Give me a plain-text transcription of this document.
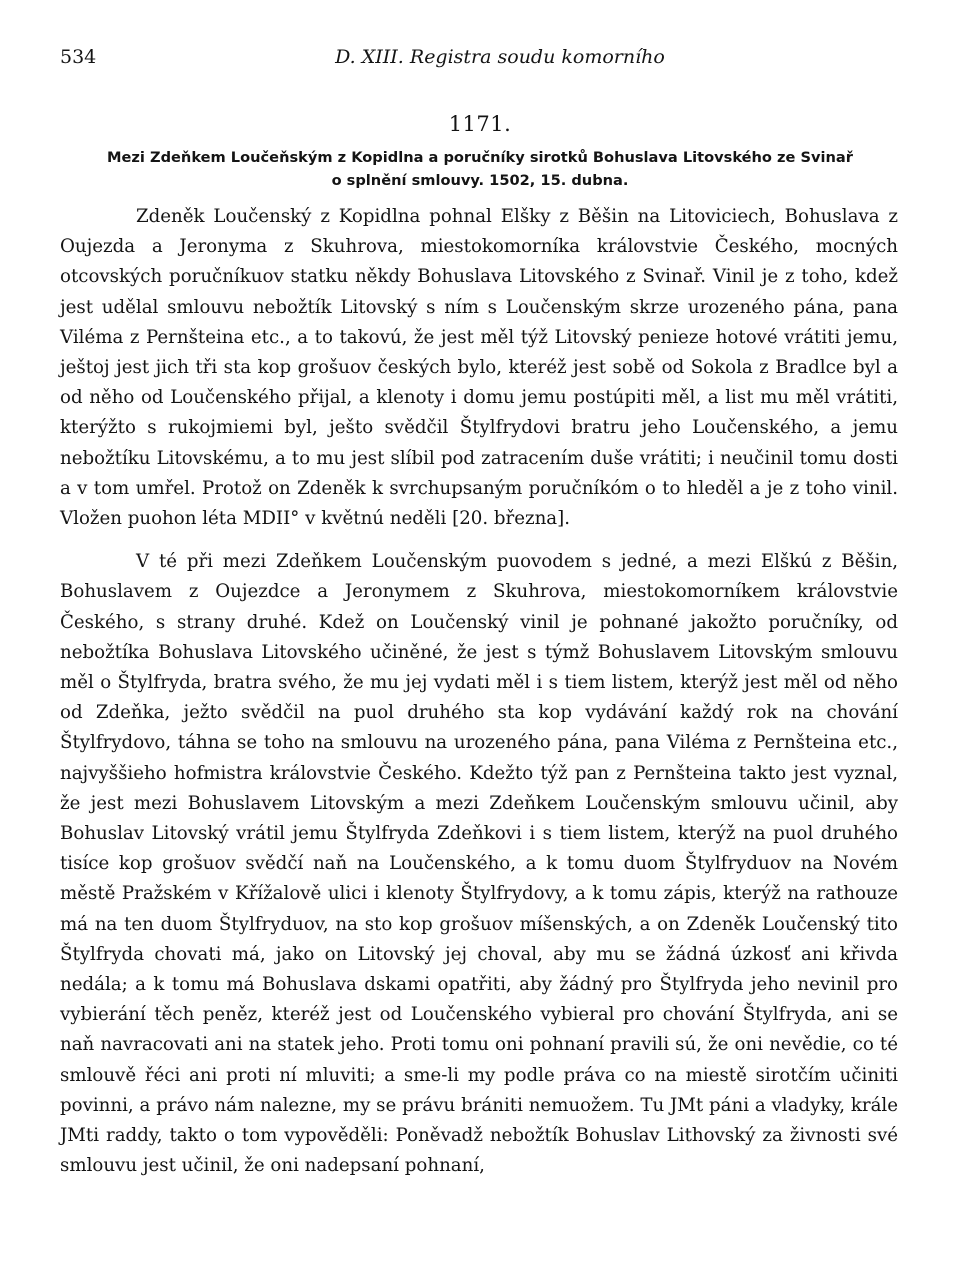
534	D. XIII. Registra soudu komorního
1171.
Mezi Zdeňkem Loučeňským z Kopidlna a poručníky sirotků Bohuslava Litovského ze Svinař
o splnění smlouvy. 1502, 15. dubna.

Zdeněk Loučenský z Kopidlna pohnal Elšky z Běšin na Litoviciech, Bohuslava z Oujezda a Jeronyma z Skuhrova, miestokomorníka královstvie Českého, mocných otcovských poručníkuov statku někdy Bohuslava Litovského z Svinař. Vinil je z toho, kdež jest udělal smlouvu nebožtík Litovský s ním s Loučenským skrze urozeného pána, pana Viléma z Pernšteina etc., a to takovú, že jest měl týž Litovský penieze hotové vrátiti jemu, ještoj jest jich tři sta kop grošuov českých bylo, kteréž jest sobě od Sokola z Bradlce byl a od něho od Loučenského přijal, a klenoty i domu jemu postúpiti měl, a list mu měl vrátiti, kterýžto s rukojmiemi byl, ješto svědčil Štylfrydovi bratru jeho Loučenského, a jemu nebožtíku Litovskému, a to mu jest slíbil pod zatracením duše vrátiti; i neučinil tomu dosti a v tom umřel. Protož on Zdeněk k svrchupsaným poručníkóm o to hleděl a je z toho vinil. Vložen puohon léta MDII° v květnú neděli [20. března].

V té při mezi Zdeňkem Loučenským puovodem s jedné, a mezi Elškú z Běšin, Bohuslavem z Oujezdce a Jeronymem z Skuhrova, miestokomorníkem královstvie Českého, s strany druhé. Kdež on Loučenský vinil je pohnané jakožto poručníky, od nebožtíka Bohuslava Litovského učiněné, že jest s týmž Bohuslavem Litovským smlouvu měl o Štylfryda, bratra svého, že mu jej vydati měl i s tiem listem, kterýž jest měl od něho od Zdeňka, ježto svědčil na puol druhého sta kop vydávání každý rok na chování Štylfrydovo, táhna se toho na smlouvu na urozeného pána, pana Viléma z Pernšteina etc., najvyššieho hofmistra královstvie Českého. Kdežto týž pan z Pernšteina takto jest vyznal, že jest mezi Bohuslavem Litovským a mezi Zdeňkem Loučenským smlouvu učinil, aby Bohuslav Litovský vrátil jemu Štylfryda Zdeňkovi i s tiem listem, kterýž na puol druhého tisíce kop grošuov svědčí naň na Loučenského, a k tomu duom Štylfryduov na Novém městě Pražském v Křížalově ulici i klenoty Štylfrydovy, a k tomu zápis, kterýž na rathouze má na ten duom Štylfryduov, na sto kop grošuov míšenských, a on Zdeněk Loučenský tito Štylfryda chovati má, jako on Litovský jej choval, aby mu se žádná úzkosť ani křivda nedála; a k tomu má Bohuslava dskami opatřiti, aby žádný pro Štylfryda jeho nevinil pro vybierání těch peněz, kteréž jest od Loučenského vybieral pro chování Štylfryda, ani se naň navracovati ani na statek jeho. Proti tomu oni pohnaní pravili sú, že oni nevědie, co té smlouvě řéci ani proti ní mluviti; a sme-li my podle práva co na miestě sirotčím učiniti povinni, a právo nám nalezne, my se právu brániti nemuožem. Tu JMt páni a vladyky, krále JMti raddy, takto o tom vypověděli: Poněvadž nebožtík Bohuslav Lithovský za živnosti své smlouvu jest učinil, že oni nadepsaní pohnaní,
